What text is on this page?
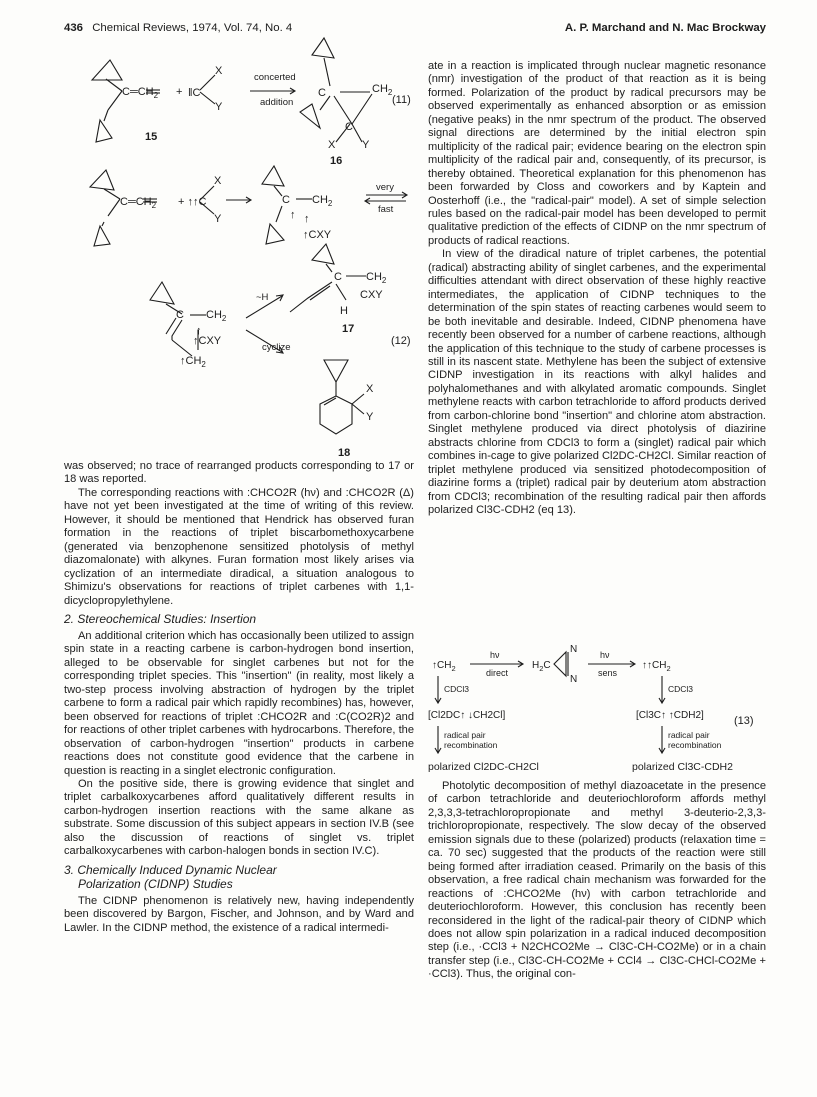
436 Chemical Reviews, 1974, Vol. 74, No. 4	A. P. Marchand and N. Mac Brockway
$C═CH_2$ + ‖C
X
Y
concerted
addition
C	$CH_2$
X Y
C
(11)
15
16
$C═CH_2$ + ↑↑C
X
Y
C $CH_2$
↑ ↑
↑CXY
very
fast
C $CH_2$
↑
↑CXY
$↑CH_2$
~H
cyclize
C $CH_2$
CXY
H
17
(12)
X
Y
18

was observed; no trace of rearranged products corresponding to 17 or 18 was reported.

The corresponding reactions with :CHCO2R (hν) and :CHCO2R (Δ) have not yet been investigated at the time of writing of this review. However, it should be mentioned that Hendrick has observed furan formation in the reactions of triplet biscarbomethoxycarbene (generated via benzophenone sensitized photolysis of methyl diazomalonate) with alkynes. Furan formation most likely arises via cyclization of an intermediate diradical, a situation analogous to Shimizu's observations for reactions of triplet carbenes with 1,1-dicyclopropylethylene.

2. Stereochemical Studies: Insertion

An additional criterion which has occasionally been utilized to assign spin state in a reacting carbene is carbon-hydrogen bond insertion, alleged to be observable for singlet carbenes but not for the corresponding triplet species. This "insertion" (in reality, most likely a two-step process involving abstraction of hydrogen by the triplet carbene to form a radical pair which rapidly recombines) has, however, been observed for reactions of triplet :CHCO2R and :C(CO2R)2 and for reactions of other triplet carbenes with hydrocarbons. Therefore, the observation of carbon-hydrogen "insertion" products in carbene reactions does not constitute good evidence that the carbene in question is reacting in a singlet electronic configuration.

On the positive side, there is growing evidence that singlet and triplet carbalkoxycarbenes afford qualitatively different results in carbon-hydrogen insertion reactions with the same alkane as substrate. Some discussion of this subject appears in section IV.B (see also the discussion of reactions of singlet vs. triplet carbalkoxycarbenes with carbon-halogen bonds in section IV.C).

3. Chemically Induced Dynamic Nuclear
Polarization (CIDNP) Studies

The CIDNP phenomenon is relatively new, having independently been discovered by Bargon, Fischer, and Johnson, and by Ward and Lawler. In the CIDNP method, the existence of a radical intermedi-

ate in a reaction is implicated through nuclear magnetic resonance (nmr) investigation of the product of that reaction as it is being formed. Polarization of the product by radical precursors may be observed experimentally as enhanced absorption or as emission (negative peaks) in the nmr spectrum of the product. The observed signal directions are determined by the initial electron spin multiplicity of the radical pair; evidence bearing on the electron spin multiplicity of the radical pair and, consequently, of its precursor, is thereby obtained. Theoretical explanation for this phenomenon has been forwarded by Closs and coworkers and by Kaptein and Oosterhoff (i.e., the "radical-pair" model). A set of simple selection rules based on the radical-pair model has been developed to permit qualitative prediction of the effects of CIDNP on the nmr spectrum of products of radical reactions.

In view of the diradical nature of triplet carbenes, the potential (radical) abstracting ability of singlet carbenes, and the experimental difficulties attendant with direct observation of these highly reactive intermediates, the application of CIDNP techniques to the determination of the spin states of reacting carbenes would seem to be both inevitable and desirable. Indeed, CIDNP phenomena have recently been observed for a number of carbene reactions, although the application of this technique to the study of carbene processes is still in its nascent state. Methylene has been the subject of extensive CIDNP investigation in its reactions with alkyl halides and polyhalomethanes and with alkylated aromatic compounds. Singlet methylene reacts with carbon tetrachloride to afford products derived from carbon-chlorine bond "insertion" and chlorine atom abstraction. Singlet methylene produced via direct photolysis of diazirine abstracts chlorine from CDCl3 to form a (singlet) radical pair which combines in-cage to give polarized Cl2DC-CH2Cl. Similar reaction of triplet methylene produced via sensitized photodecomposition of diazirine forms a (triplet) radical pair by deuterium atom abstraction from CDCl3; recombination of the resulting radical pair then affords polarized Cl3C-CDH2 (eq 13).

$↑CH_2$
hν
direct
$H_2C$
N
N
hν
sens
$↑↑CH_2$
CDCl3	CDCl3
[Cl2DC↑ ↓CH2Cl]	[Cl3C↑ ↑CDH2]	(13)
radical pair
recombination
radical pair
recombination
polarized Cl2DC-CH2Cl	polarized Cl3C-CDH2

Photolytic decomposition of methyl diazoacetate in the presence of carbon tetrachloride and deuteriochloroform affords methyl 2,3,3,3-tetrachloropropionate and methyl 3-deuterio-2,3,3-trichloropropionate, respectively. The slow decay of the observed emission signals due to these (polarized) products (relaxation time = ca. 70 sec) suggested that the products of the reaction were still being formed after irradiation ceased. Primarily on the basis of this observation, a free radical chain mechanism was forwarded for the reactions of :CHCO2Me (hν) with carbon tetrachloride and deuteriochloroform. However, this conclusion has recently been reconsidered in the light of the radical-pair theory of CIDNP which does not allow spin polarization in a radical induced decomposition step (i.e., ·CCl3 + N2CHCO2Me → Cl3C-CH-CO2Me) or in a chain transfer step (i.e., Cl3C-CH-CO2Me + CCl4 → Cl3C-CHCl-CO2Me + ·CCl3). Thus, the original con-
